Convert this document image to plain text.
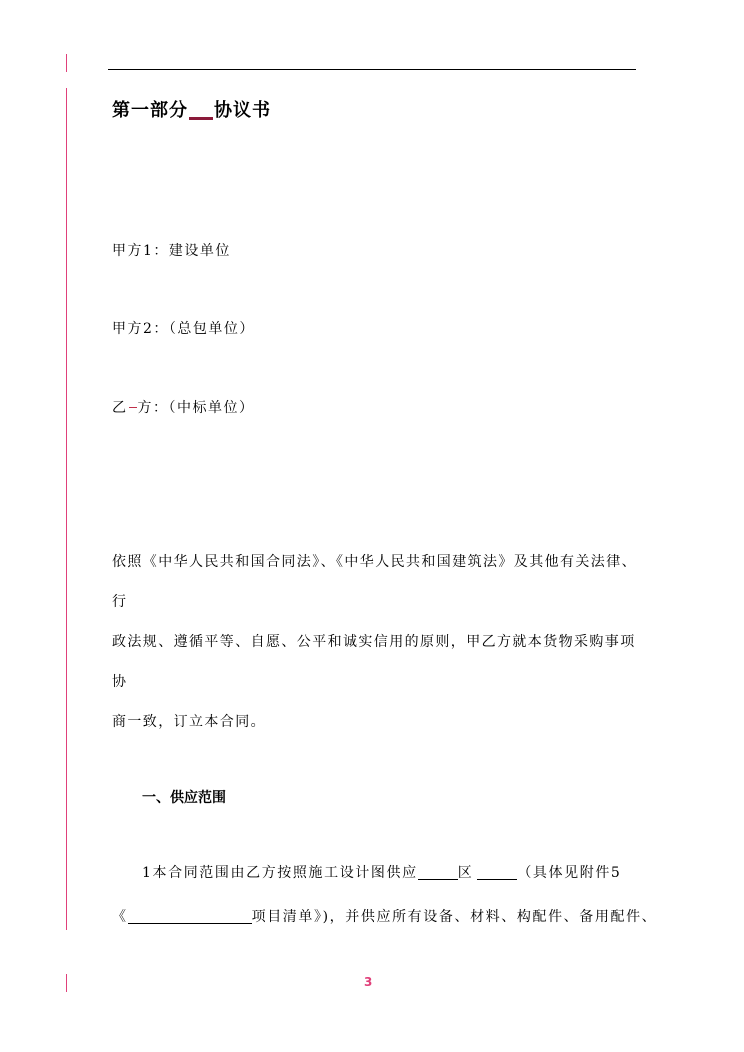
第一部分 协议书
甲方1：建设单位
甲方2：（总包单位）
乙 方：（中标单位）
依照《中华人民共和国合同法》、《中华人民共和国建筑法》及其他有关法律、行
政法规、遵循平等、自愿、公平和诚实信用的原则，甲乙方就本货物采购事项协
商一致，订立本合同。
一、供应范围
1本合同范围由乙方按照施工设计图供应	区	（具体见附件5
《	项目清单》)，并供应所有设备、材料、构配件、备用配件、
3
